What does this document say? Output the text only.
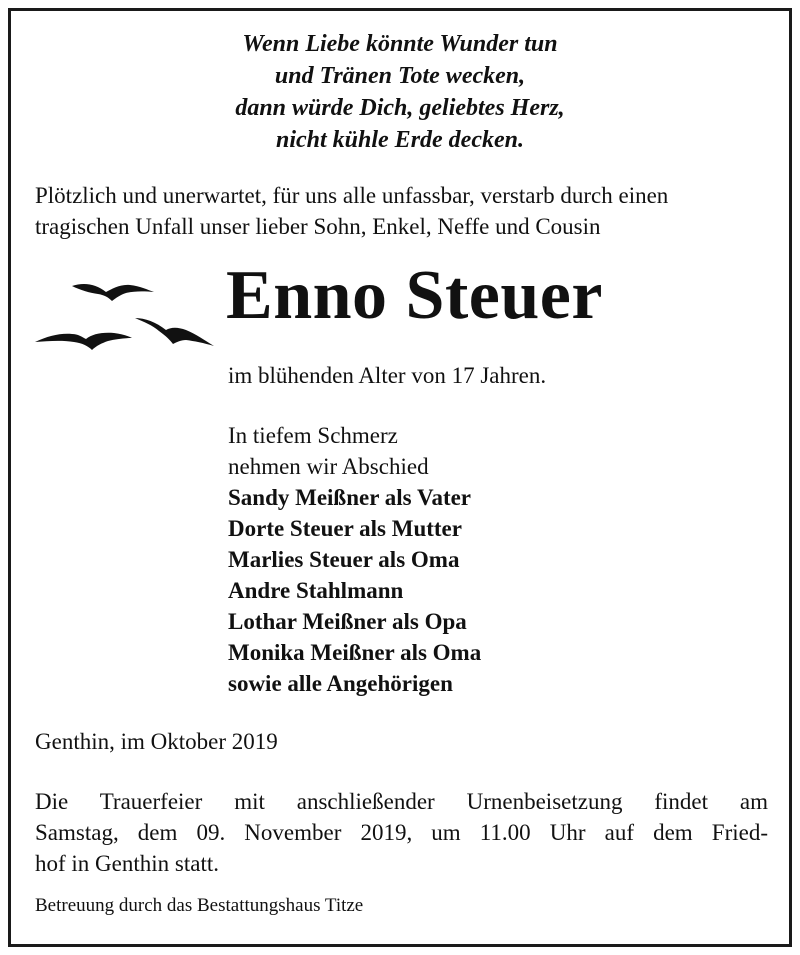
Wenn Liebe könnte Wunder tun
und Tränen Tote wecken,
dann würde Dich, geliebtes Herz,
nicht kühle Erde decken.
Plötzlich und unerwartet, für uns alle unfassbar, verstarb durch einen
tragischen Unfall unser lieber Sohn, Enkel, Neffe und Cousin
Enno Steuer
im blühenden Alter von 17 Jahren.
In tiefem Schmerz
nehmen wir Abschied
Sandy Meißner als Vater
Dorte Steuer als Mutter
Marlies Steuer als Oma
Andre Stahlmann
Lothar Meißner als Opa
Monika Meißner als Oma
sowie alle Angehörigen
Genthin, im Oktober 2019
Die Trauerfeier mit anschließender Urnenbeisetzung findet am
Samstag, dem 09. November 2019, um 11.00 Uhr auf dem Fried-
hof in Genthin statt.
Betreuung durch das Bestattungshaus Titze
